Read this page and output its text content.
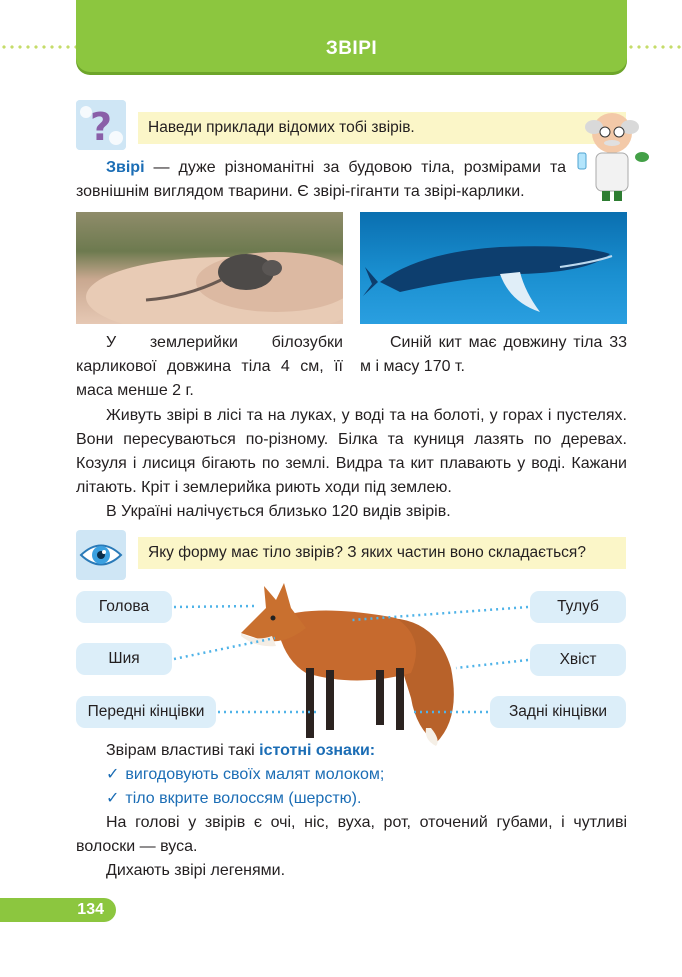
ЗВІРІ
?	Наведи приклади відомих тобі звірів.
Звірі — дуже різноманітні за будовою тіла, розмірами та зовнішнім виглядом тварини. Є звірі-гіганти та звірі-карлики.
У землерийки білозубки карликової довжина тіла 4 см, її маса менше 2 г.
Синій кит має довжину тіла 33 м і масу 170 т.
Живуть звірі в лісі та на луках, у воді та на болоті, у горах і пустелях. Вони пересуваються по-різному. Білка та куниця лазять по деревах. Козуля і лисиця бігають по землі. Видра та кит плавають у воді. Кажани літають. Кріт і землерийка риють ходи під землею.
В Україні налічується близько 120 видів звірів.
Яку форму має тіло звірів? З яких частин воно складається?
Голова
Шия
Передні кінцівки
Тулуб
Хвіст
Задні кінцівки
Звірам властиві такі істотні ознаки:
✓ вигодовують своїх малят молоком;
✓ тіло вкрите волоссям (шерстю).
На голові у звірів є очі, ніс, вуха, рот, оточений губами, і чутливі волоски — вуса.
Дихають звірі легенями.
134
